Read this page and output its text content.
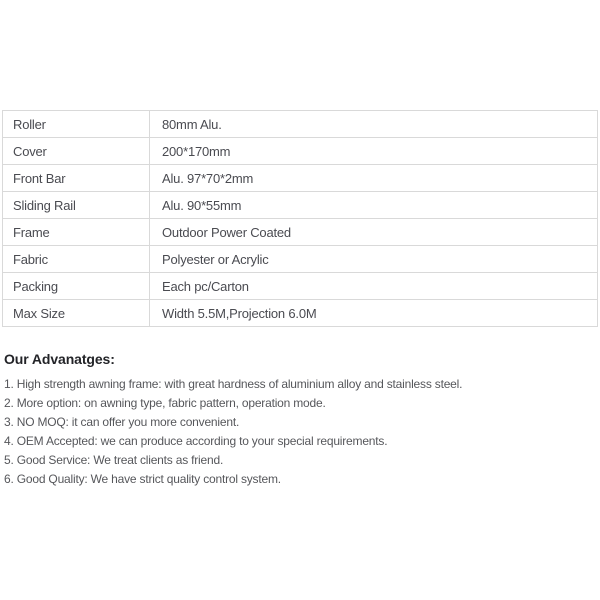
Roller	80mm Alu.
Cover	200*170mm
Front Bar	Alu. 97*70*2mm
Sliding Rail	Alu. 90*55mm
Frame	Outdoor Power Coated
Fabric	Polyester or Acrylic
Packing	Each pc/Carton
Max Size	Width 5.5M,Projection 6.0M
Our Advanatges:
1. High strength awning frame: with great hardness of aluminium alloy and stainless steel.
2. More option: on awning type, fabric pattern, operation mode.
3. NO MOQ: it can offer you more convenient.
4. OEM Accepted: we can produce according to your special requirements.
5. Good Service: We treat clients as friend.
6. Good Quality: We have strict quality control system.
